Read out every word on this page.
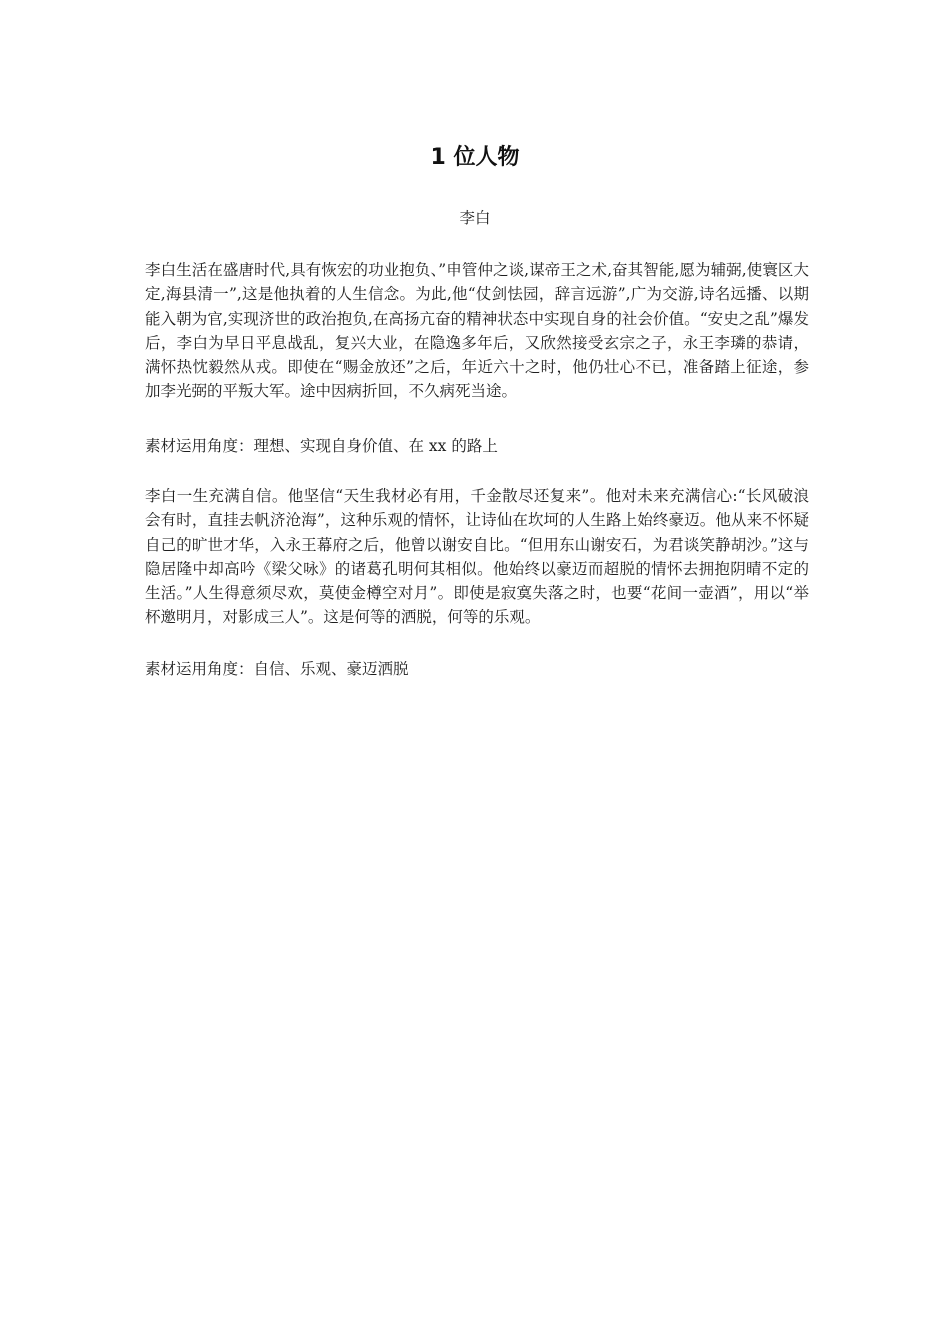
1 位人物
李白

李白生活在盛唐时代,具有恢宏的功业抱负、”申管仲之谈,谋帝王之术,奋其智能,愿为辅弼,使寰区大定,海县清一”,这是他执着的人生信念。为此,他“仗剑怯园，辞言远游”,广为交游,诗名远播、以期能入朝为官,实现济世的政治抱负,在高扬亢奋的精神状态中实现自身的社会价值。“安史之乱”爆发后，李白为早日平息战乱，复兴大业，在隐逸多年后，又欣然接受玄宗之子，永王李璘的恭请，满怀热忱毅然从戎。即使在“赐金放还”之后，年近六十之时，他仍壮心不已，准备踏上征途，参加李光弼的平叛大军。途中因病折回，不久病死当途。

素材运用角度：理想、实现自身价值、在 xx 的路上

李白一生充满自信。他坚信“天生我材必有用，千金散尽还复来”。他对未来充满信心:“长风破浪会有时，直挂去帆济沧海”，这种乐观的情怀，让诗仙在坎坷的人生路上始终豪迈。他从来不怀疑自己的旷世才华，入永王幕府之后，他曾以谢安自比。“但用东山谢安石，为君谈笑静胡沙。”这与隐居隆中却高吟《梁父咏》的诸葛孔明何其相似。他始终以豪迈而超脱的情怀去拥抱阴晴不定的生活。”人生得意须尽欢，莫使金樽空对月”。即使是寂寞失落之时，也要“花间一壶酒”，用以“举杯邀明月，对影成三人”。这是何等的洒脱，何等的乐观。

素材运用角度：自信、乐观、豪迈洒脱
